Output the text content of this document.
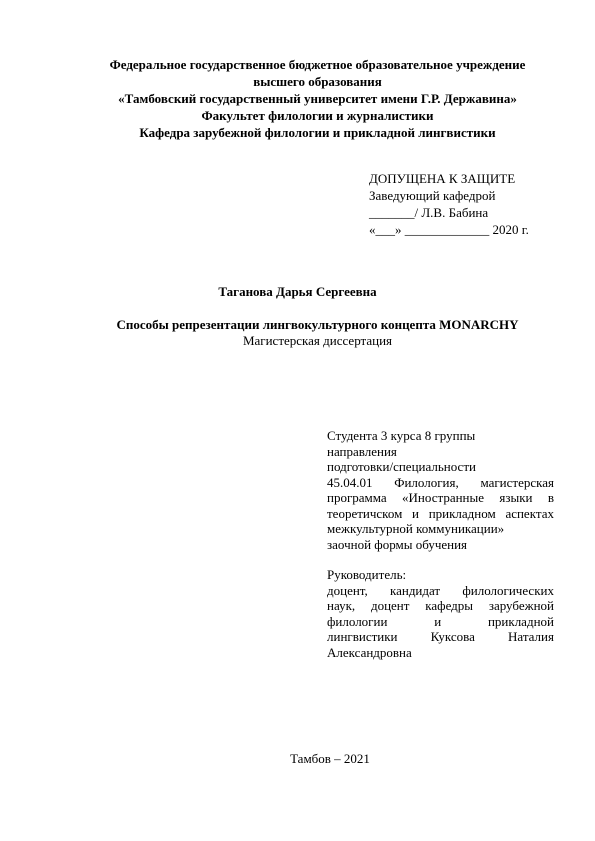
Федеральное государственное бюджетное образовательное учреждение
высшего образования
«Тамбовский государственный университет имени Г.Р. Державина»
Факультет филологии и журналистики
Кафедра зарубежной филологии и прикладной лингвистики
ДОПУЩЕНА К ЗАЩИТЕ
Заведующий кафедрой
_______/ Л.В. Бабина
«___» _____________ 2020 г.
Таганова Дарья Сергеевна
Способы репрезентации лингвокультурного концепта MONARCHY
Магистерская диссертация
Студента 3 курса 8 группы
направления
подготовки/специальности
45.04.01 Филология, магистерская
программа «Иностранные языки в
теоретичском и прикладном аспектах
межкультурной коммуникации»
заочной формы обучения
Руководитель:
доцент, кандидат филологических
наук, доцент кафедры зарубежной
филологии	и	прикладной
лингвистики	Куксова	Наталия
Александровна
Тамбов – 2021
